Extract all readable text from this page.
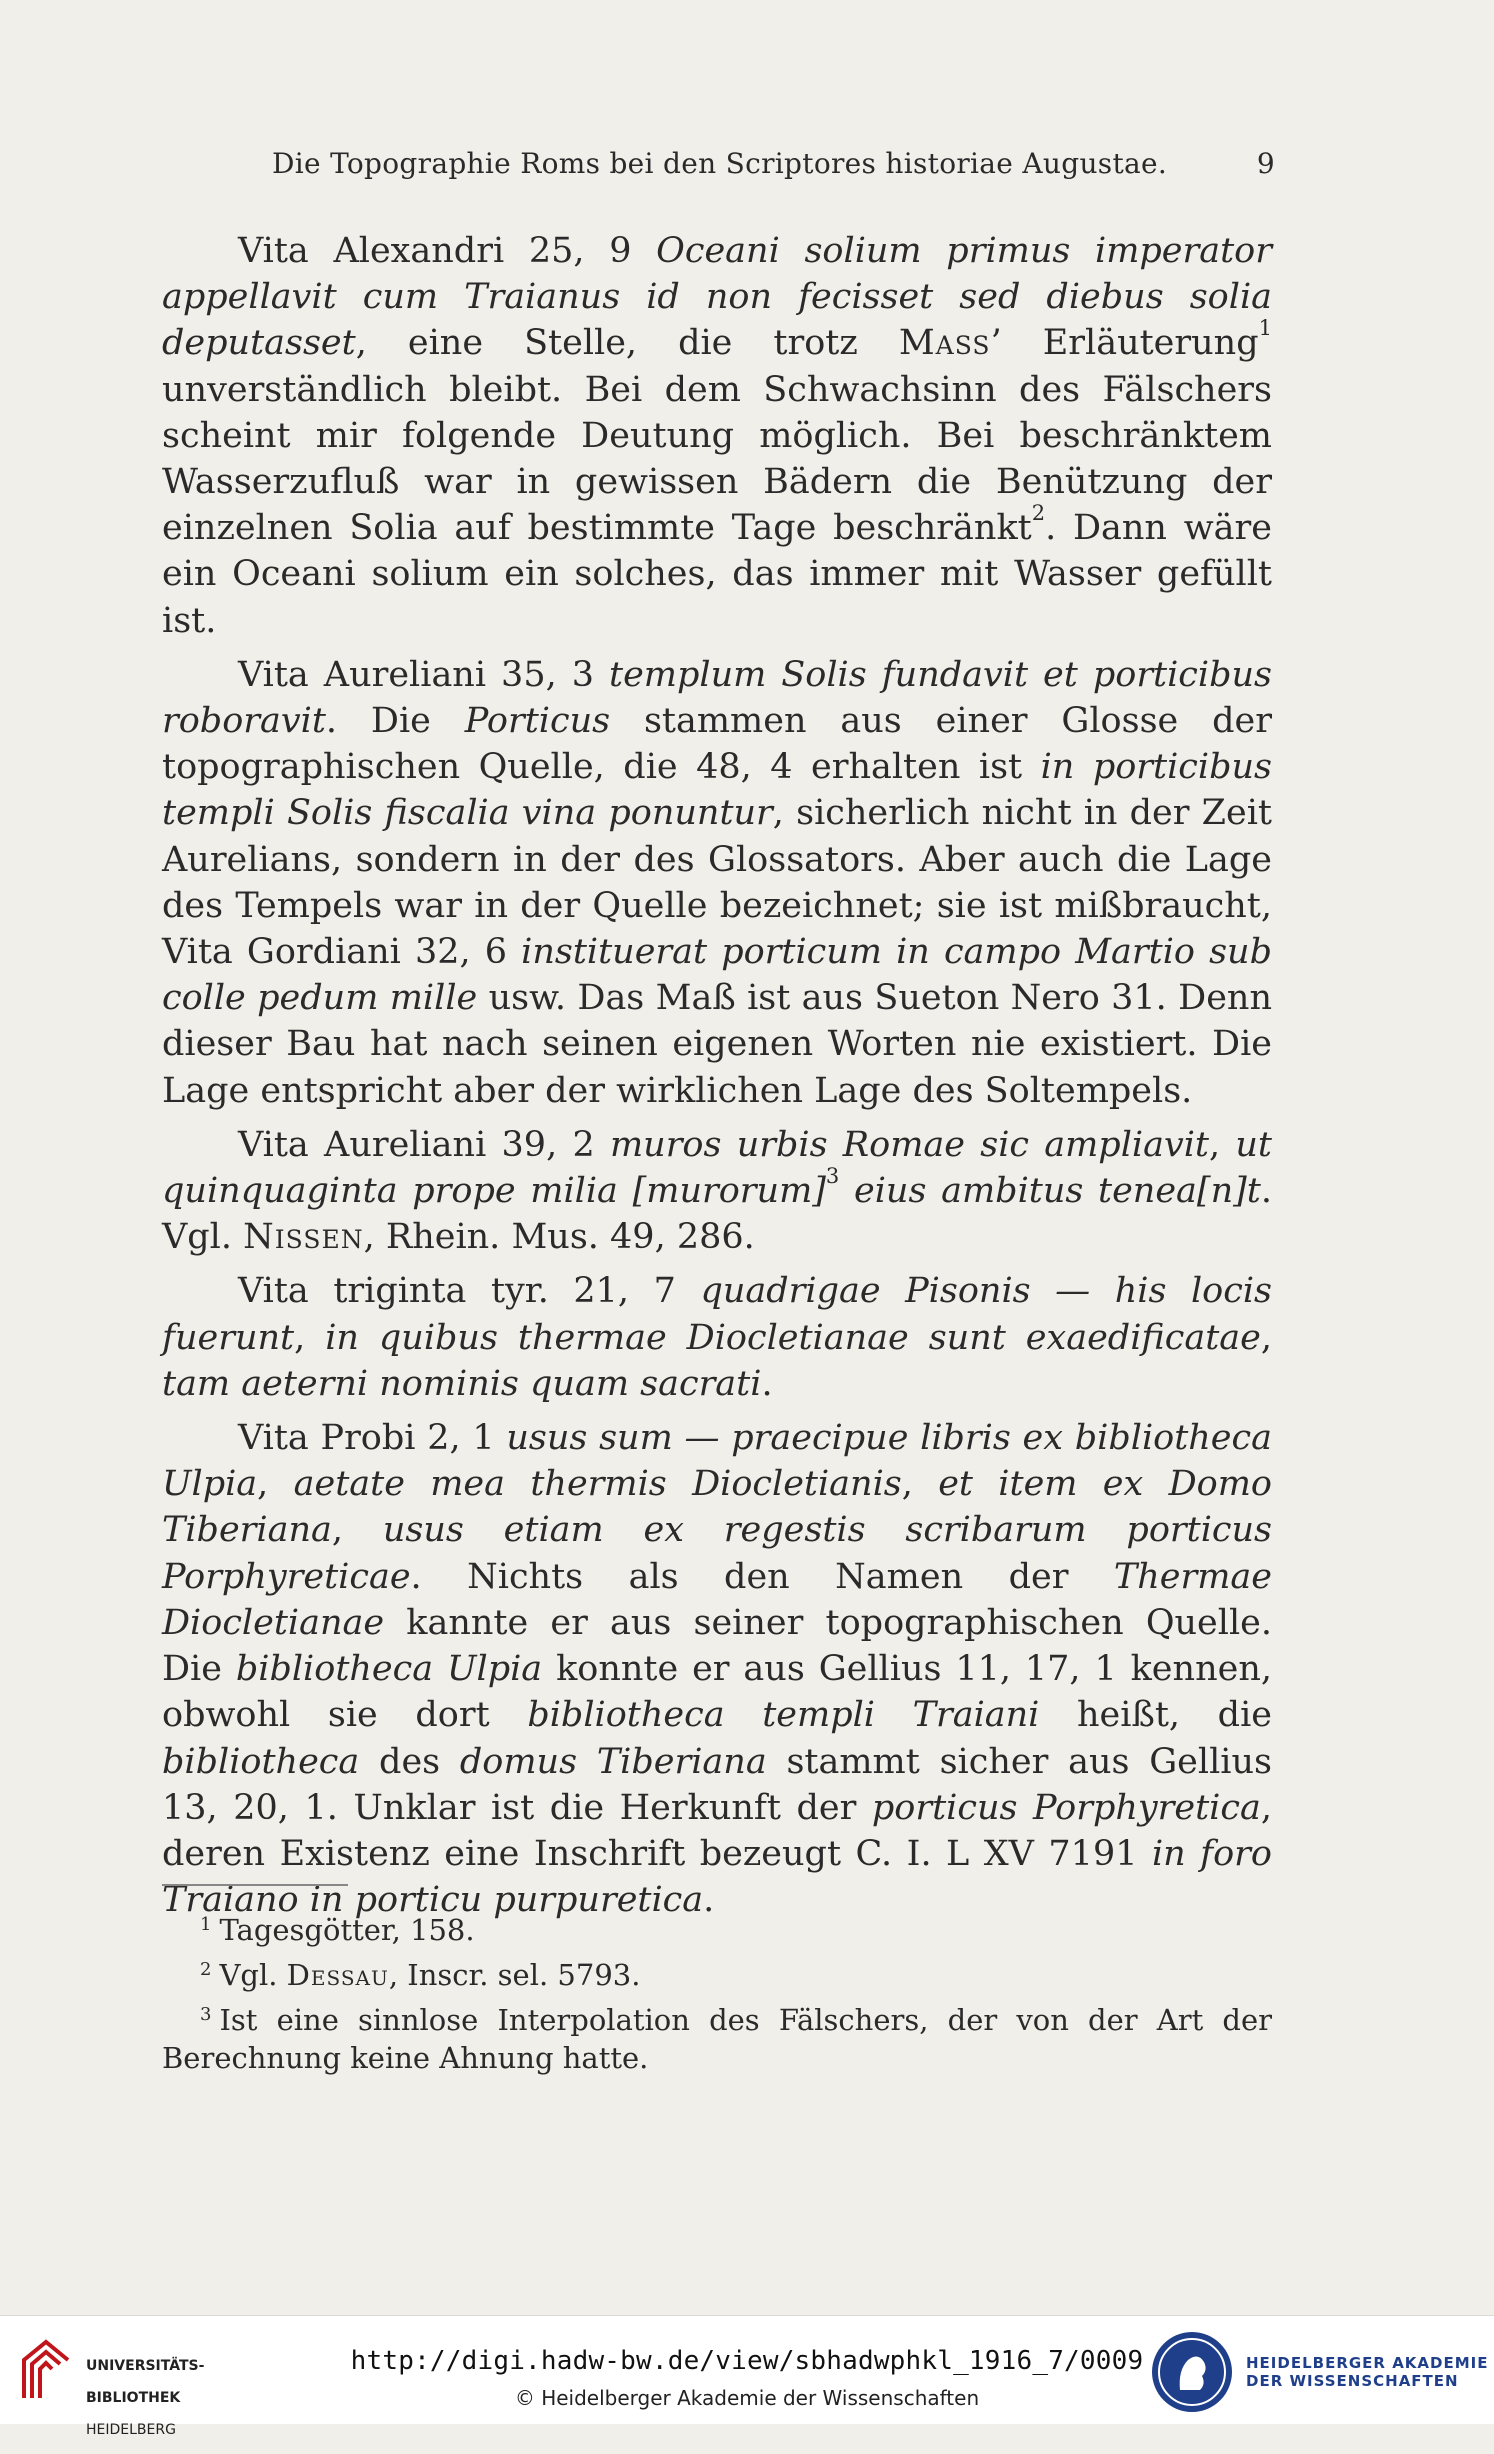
Die Topographie Roms bei den Scriptores historiae Augustae.	9

Vita Alexandri 25, 9 Oceani solium primus imperator appellavit cum Traianus id non fecisset sed diebus solia deputasset, eine Stelle, die trotz Mass’ Erläuterung$^1$ unverständlich bleibt. Bei dem Schwachsinn des Fälschers scheint mir folgende Deutung möglich. Bei beschränktem Wasserzufluß war in gewissen Bädern die Benützung der einzelnen Solia auf bestimmte Tage beschränkt$^2$. Dann wäre ein Oceani solium ein solches, das immer mit Wasser gefüllt ist.

Vita Aureliani 35, 3 templum Solis fundavit et porticibus roboravit. Die Porticus stammen aus einer Glosse der topographischen Quelle, die 48, 4 erhalten ist in porticibus templi Solis fiscalia vina ponuntur, sicherlich nicht in der Zeit Aurelians, sondern in der des Glossators. Aber auch die Lage des Tempels war in der Quelle bezeichnet; sie ist mißbraucht, Vita Gordiani 32, 6 instituerat porticum in campo Martio sub colle pedum mille usw. Das Maß ist aus Sueton Nero 31. Denn dieser Bau hat nach seinen eigenen Worten nie existiert. Die Lage entspricht aber der wirklichen Lage des Soltempels.

Vita Aureliani 39, 2 muros urbis Romae sic ampliavit, ut quinquaginta prope milia [murorum]$^3$ eius ambitus tenea[n]t. Vgl. Nissen, Rhein. Mus. 49, 286.

Vita triginta tyr. 21, 7 quadrigae Pisonis — his locis fuerunt, in quibus thermae Diocletianae sunt exaedificatae, tam aeterni nominis quam sacrati.

Vita Probi 2, 1 usus sum — praecipue libris ex bibliotheca Ulpia, aetate mea thermis Diocletianis, et item ex Domo Tiberiana, usus etiam ex regestis scribarum porticus Porphyreticae. Nichts als den Namen der Thermae Diocletianae kannte er aus seiner topographischen Quelle. Die bibliotheca Ulpia konnte er aus Gellius 11, 17, 1 kennen, obwohl sie dort bibliotheca templi Traiani heißt, die bibliotheca des domus Tiberiana stammt sicher aus Gellius 13, 20, 1. Unklar ist die Herkunft der porticus Porphyretica, deren Existenz eine Inschrift bezeugt C. I. L XV 7191 in foro Traiano in porticu purpuretica.

$^1$ Tagesgötter, 158.

$^2$ Vgl. Dessau, Inscr. sel. 5793.

$^3$ Ist eine sinnlose Interpolation des Fälschers, der von der Art der Berechnung keine Ahnung hatte.

UNIVERSITÄTS-

BIBLIOTHEK

HEIDELBERG

http://digi.hadw-bw.de/view/sbhadwphkl_1916_7/0009
© Heidelberger Akademie der Wissenschaften
HEIDELBERGER AKADEMIE
DER WISSENSCHAFTEN
